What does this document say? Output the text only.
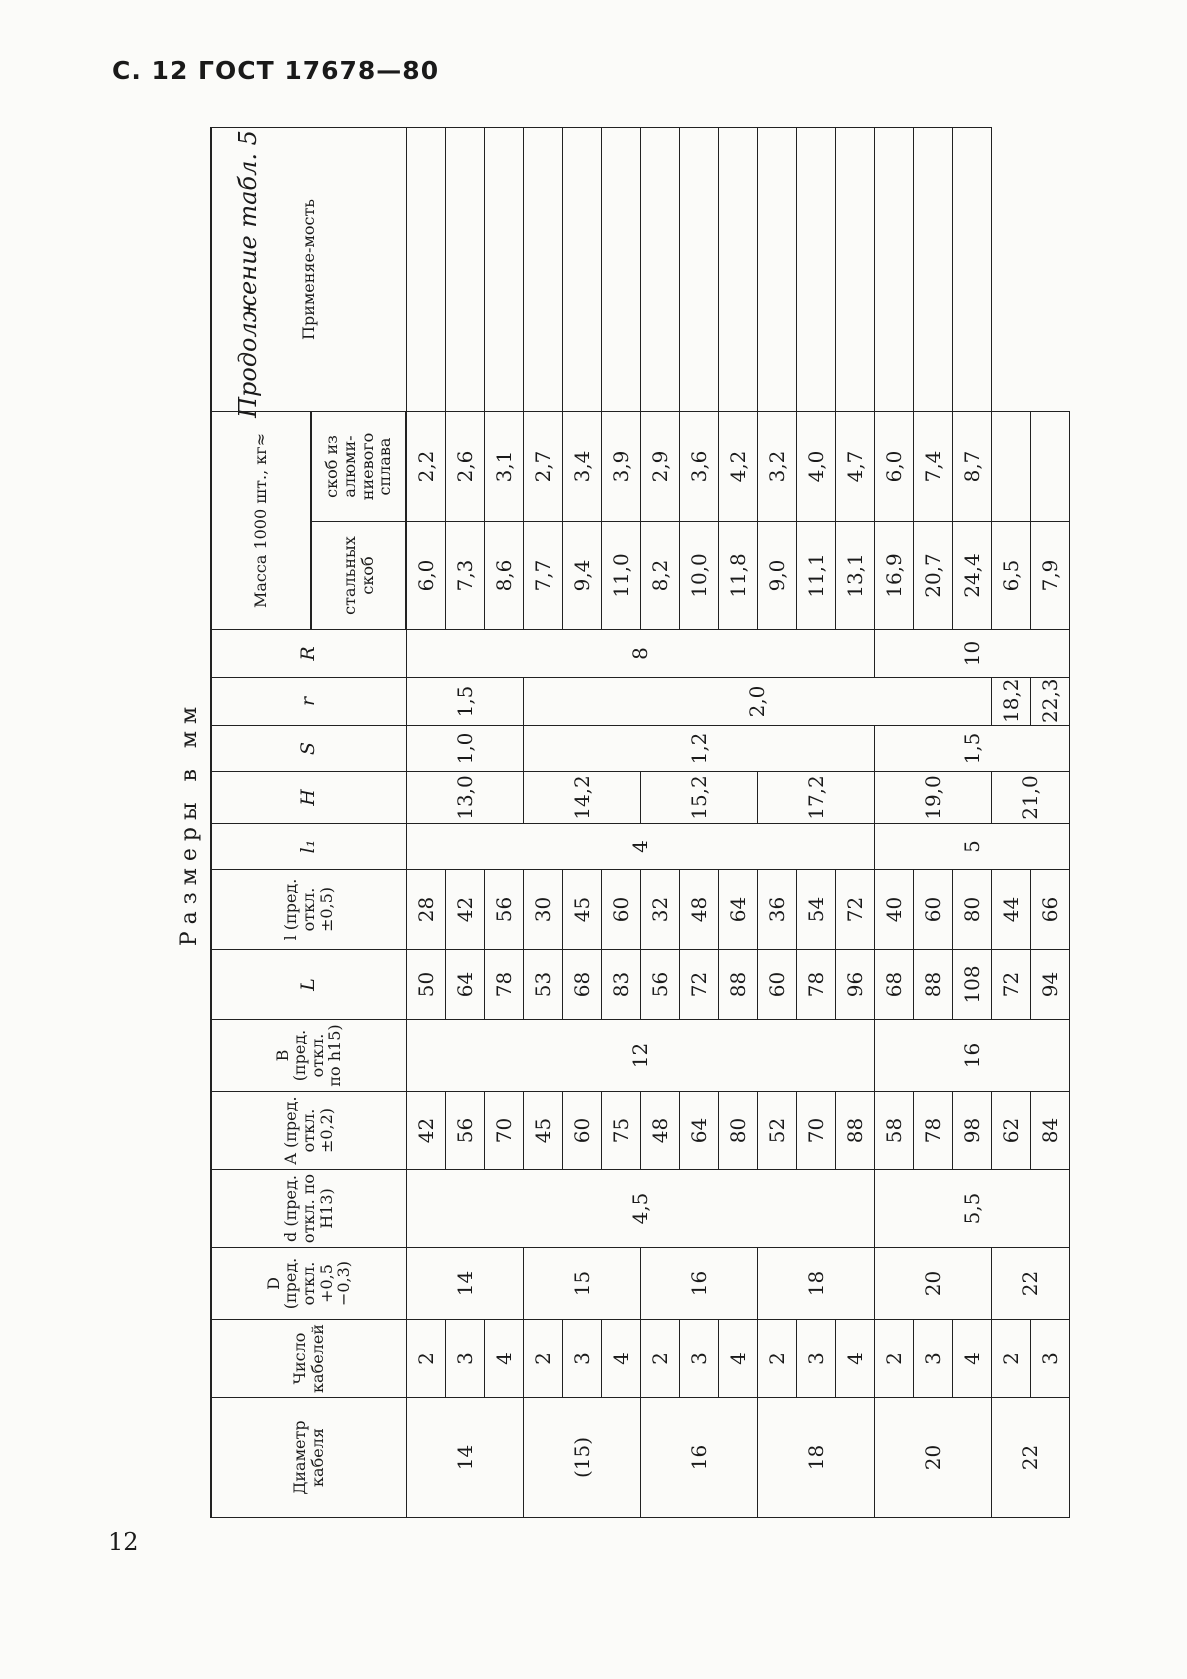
С. 12 ГОСТ 17678—80
Продолжение табл. 5
12
Размеры в мм
Диаметр кабеля	Число кабелей	D (пред. откл. +0,5 −0,3)	d (пред. откл. по H13)	A (пред. откл. ±0,2)	B (пред. откл. по h15)	L	l (пред. откл. ±0,5)	l₁	H	S	r	R	Масса 1000 шт., кг≈		Применяе-мость
													стальных скоб	скоб из алюми-ниевого сплава	
14	2	14	4,5	42	12	50	28	4	13,0	1,0	1,5	8	6,0	2,2	
	3			56		64	42						7,3	2,6	
	4			70		78	56						8,6	3,1	
(15)	2	15		45		53	30		14,2	1,2	2,0		7,7	2,7	
	3			60		68	45						9,4	3,4	
	4			75		83	60						11,0	3,9	
16	2	16		48		56	32		15,2				8,2	2,9	
	3			64		72	48						10,0	3,6	
	4			80		88	64						11,8	4,2	
18	2	18		52		60	36		17,2				9,0	3,2	
	3			70		78	54						11,1	4,0	
	4			88		96	72						13,1	4,7	
20	2	20	5,5	58	16	68	40	5	19,0	1,5		10	16,9	6,0	
	3			78		88	60						20,7	7,4	
	4			98		108	80						24,4	8,7	
22	2	22		62		72	44		21,0		18,2		6,5		
	3			84		94	66				22,3		7,9		
